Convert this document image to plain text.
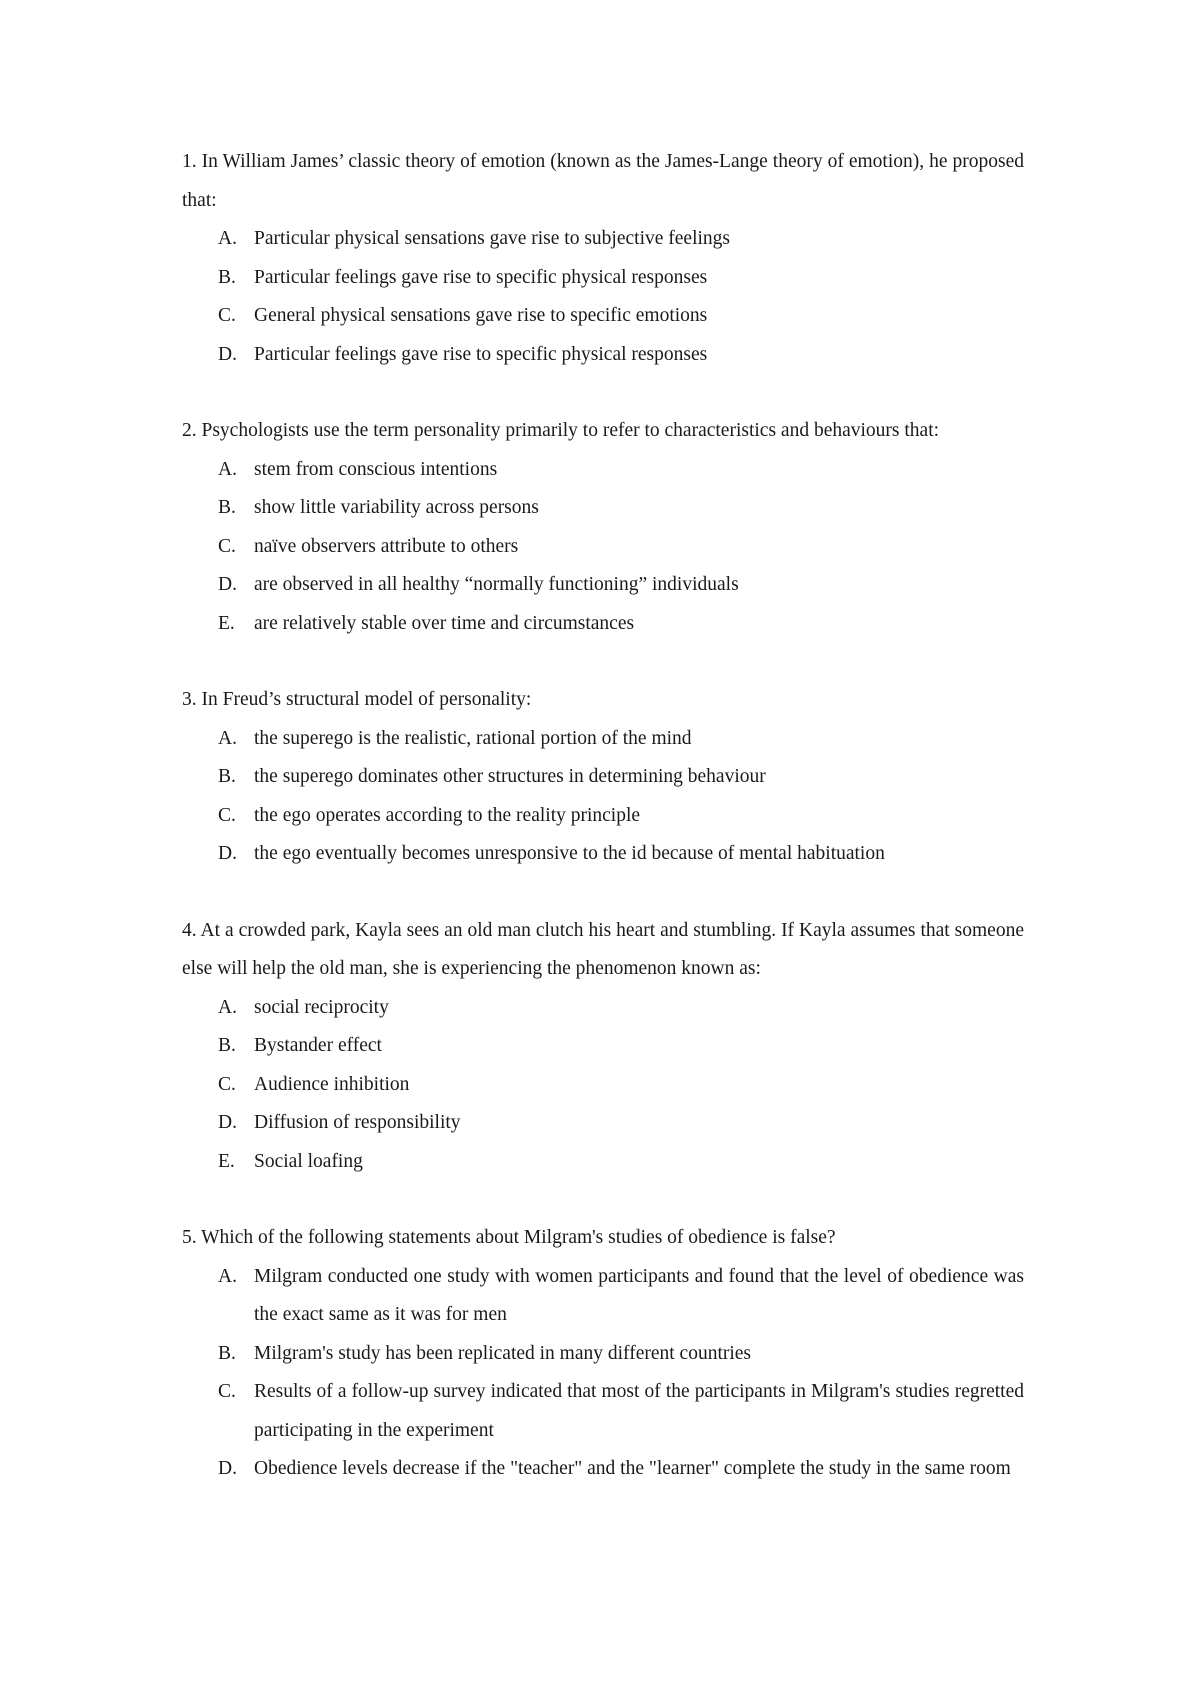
1. In William James’ classic theory of emotion (known as the James-Lange theory of emotion), he proposed that:
A. Particular physical sensations gave rise to subjective feelings
B. Particular feelings gave rise to specific physical responses
C. General physical sensations gave rise to specific emotions
D. Particular feelings gave rise to specific physical responses
2. Psychologists use the term personality primarily to refer to characteristics and behaviours that:
A. stem from conscious intentions
B. show little variability across persons
C. naïve observers attribute to others
D. are observed in all healthy “normally functioning” individuals
E. are relatively stable over time and circumstances
3. In Freud’s structural model of personality:
A. the superego is the realistic, rational portion of the mind
B. the superego dominates other structures in determining behaviour
C. the ego operates according to the reality principle
D. the ego eventually becomes unresponsive to the id because of mental habituation
4. At a crowded park, Kayla sees an old man clutch his heart and stumbling. If Kayla assumes that someone else will help the old man, she is experiencing the phenomenon known as:
A. social reciprocity
B. Bystander effect
C. Audience inhibition
D. Diffusion of responsibility
E. Social loafing
5. Which of the following statements about Milgram's studies of obedience is false?
A. Milgram conducted one study with women participants and found that the level of obedience was the exact same as it was for men
B. Milgram's study has been replicated in many different countries
C. Results of a follow-up survey indicated that most of the participants in Milgram's studies regretted participating in the experiment
D. Obedience levels decrease if the "teacher" and the "learner" complete the study in the same room
